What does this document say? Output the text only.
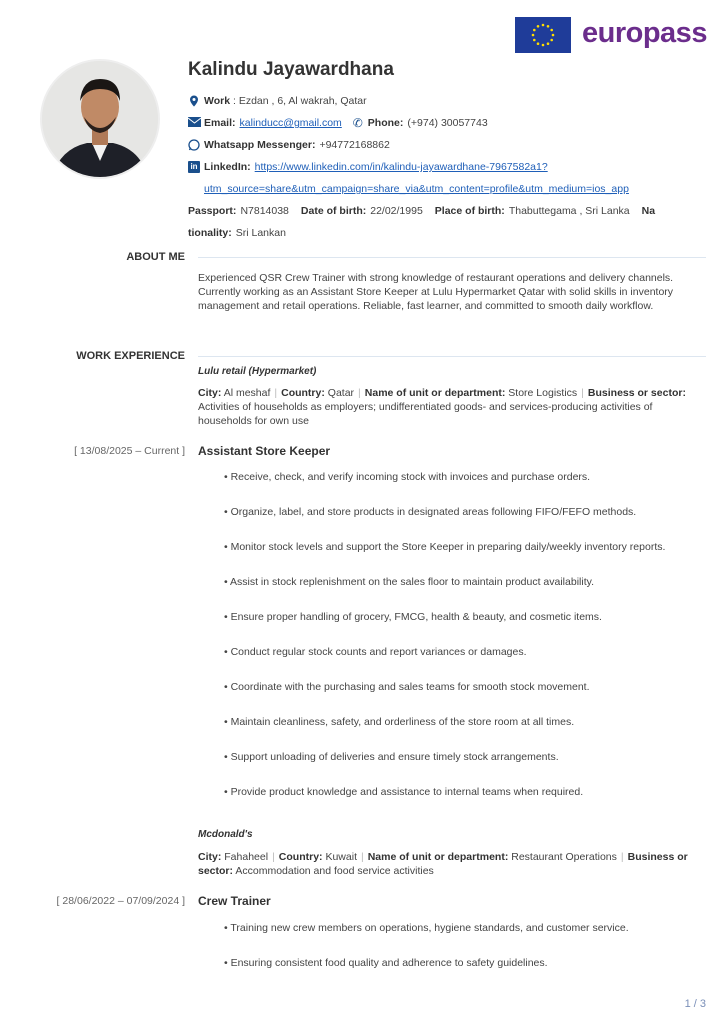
europass
Kalindu Jayawardhana
Work : Ezdan , 6, Al wakrah, Qatar
Email: kalinducc@gmail.com ✆ Phone: (+974) 30057743
Whatsapp Messenger: +94772168862
in LinkedIn: https://www.linkedin.com/in/kalindu-jayawardhane-7967582a1?
utm_source=share&utm_campaign=share_via&utm_content=profile&utm_medium=ios_app
Passport: N7814038 Date of birth: 22/02/1995 Place of birth: Thabuttegama , Sri Lanka Na
tionality: Sri Lankan
ABOUT ME
Experienced QSR Crew Trainer with strong knowledge of restaurant operations and delivery channels. Currently working as an Assistant Store Keeper at Lulu Hypermarket Qatar with solid skills in inventory management and retail operations. Reliable, fast learner, and committed to smooth daily workflow.
WORK EXPERIENCE
Lulu retail (Hypermarket)
City: Al meshaf | Country: Qatar | Name of unit or department: Store Logistics | Business or sector: Activities of households as employers; undifferentiated goods- and services-producing activities of households for own use
[ 13/08/2025 – Current ] Assistant Store Keeper
• Receive, check, and verify incoming stock with invoices and purchase orders.
• Organize, label, and store products in designated areas following FIFO/FEFO methods.
• Monitor stock levels and support the Store Keeper in preparing daily/weekly inventory reports.
• Assist in stock replenishment on the sales floor to maintain product availability.
• Ensure proper handling of grocery, FMCG, health & beauty, and cosmetic items.
• Conduct regular stock counts and report variances or damages.
• Coordinate with the purchasing and sales teams for smooth stock movement.
• Maintain cleanliness, safety, and orderliness of the store room at all times.
• Support unloading of deliveries and ensure timely stock arrangements.
• Provide product knowledge and assistance to internal teams when required.
Mcdonald's
City: Fahaheel | Country: Kuwait | Name of unit or department: Restaurant Operations | Business or sector: Accommodation and food service activities
[ 28/06/2022 – 07/09/2024 ] Crew Trainer
• Training new crew members on operations, hygiene standards, and customer service.
• Ensuring consistent food quality and adherence to safety guidelines.
1 / 3
